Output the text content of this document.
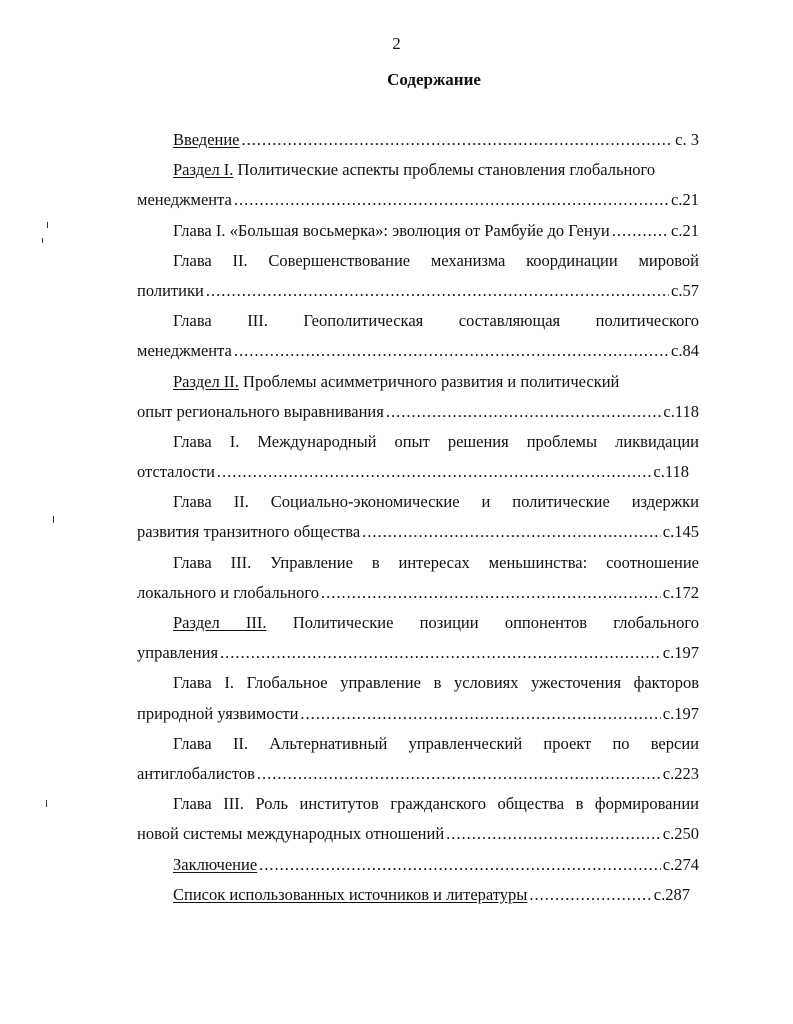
2
Содержание
Введение .....	с. 3
Раздел I. Политические аспекты проблемы становления глобального
менеджмента .....	с.21
Глава I. «Большая восьмерка»: эволюция от Рамбуйе до Генуи .....	с.21
Глава II. Совершенствование механизма координации мировой
политики .....	с.57
Глава III. Геополитическая составляющая политического
менеджмента .....	с.84
Раздел II. Проблемы асимметричного развития и политический
опыт регионального выравнивания .....	с.118
Глава I. Международный опыт решения проблемы ликвидации
отсталости .....	с.118
Глава II. Социально-экономические и политические издержки
развития транзитного общества .....	с.145
Глава III. Управление в интересах меньшинства: соотношение
локального и глобального .....	с.172
Раздел III. Политические позиции оппонентов глобального
управления .....	с.197
Глава I. Глобальное управление в условиях ужесточения факторов
природной уязвимости .....	с.197
Глава II. Альтернативный управленческий проект по версии
антиглобалистов .....	с.223
Глава III. Роль институтов гражданского общества в формировании
новой системы международных отношений .....	с.250
Заключение .....	с.274
Список использованных источников и литературы .....	с.287
